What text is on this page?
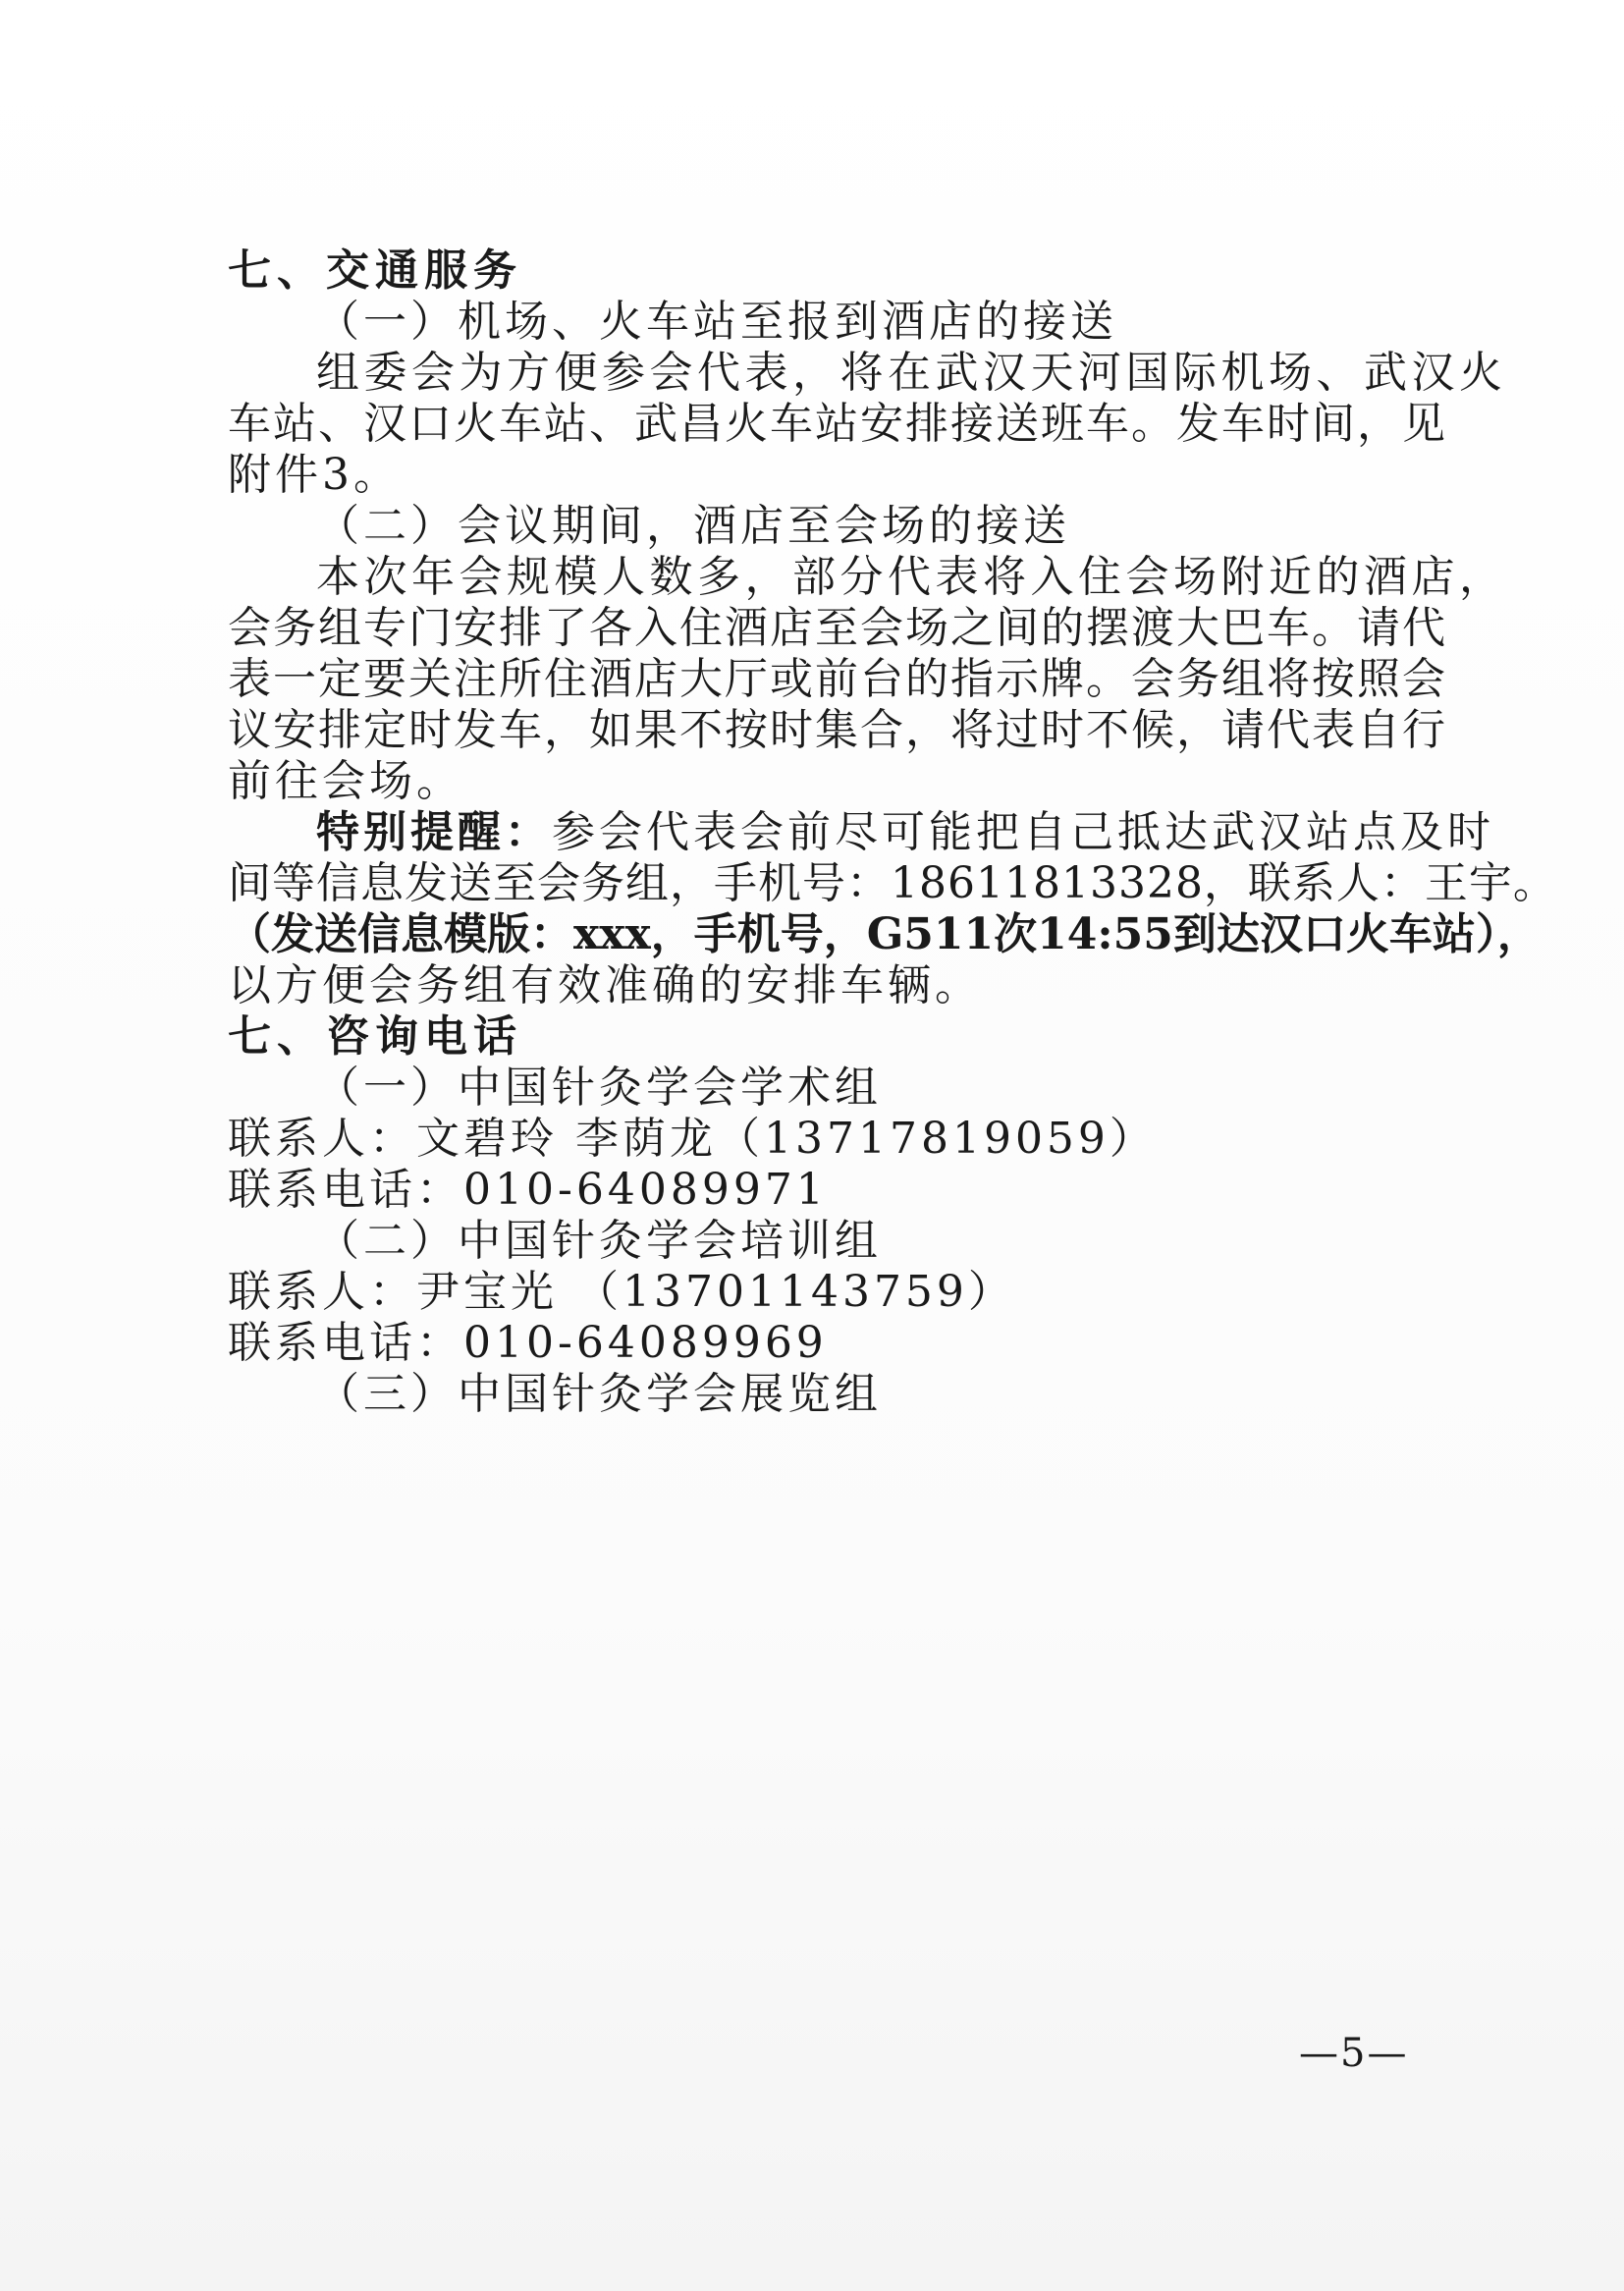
七、交通服务
（一）机场、火车站至报到酒店的接送
组委会为方便参会代表，将在武汉天河国际机场、武汉火
车站、汉口火车站、武昌火车站安排接送班车。发车时间，见
附件3。
（二）会议期间，酒店至会场的接送
本次年会规模人数多，部分代表将入住会场附近的酒店，
会务组专门安排了各入住酒店至会场之间的摆渡大巴车。请代
表一定要关注所住酒店大厅或前台的指示牌。会务组将按照会
议安排定时发车，如果不按时集合，将过时不候，请代表自行
前往会场。
特别提醒：参会代表会前尽可能把自己抵达武汉站点及时
间等信息发送至会务组，手机号：18611813328，联系人：王宇。
（发送信息模版：xxx，手机号，G511次14:55到达汉口火车站），
以方便会务组有效准确的安排车辆。
七、咨询电话
（一）中国针灸学会学术组
联系人：文碧玲 李荫龙（13717819059）
联系电话：010-64089971
（二）中国针灸学会培训组
联系人：尹宝光 （13701143759）
联系电话：010-64089969
（三）中国针灸学会展览组
—5—
